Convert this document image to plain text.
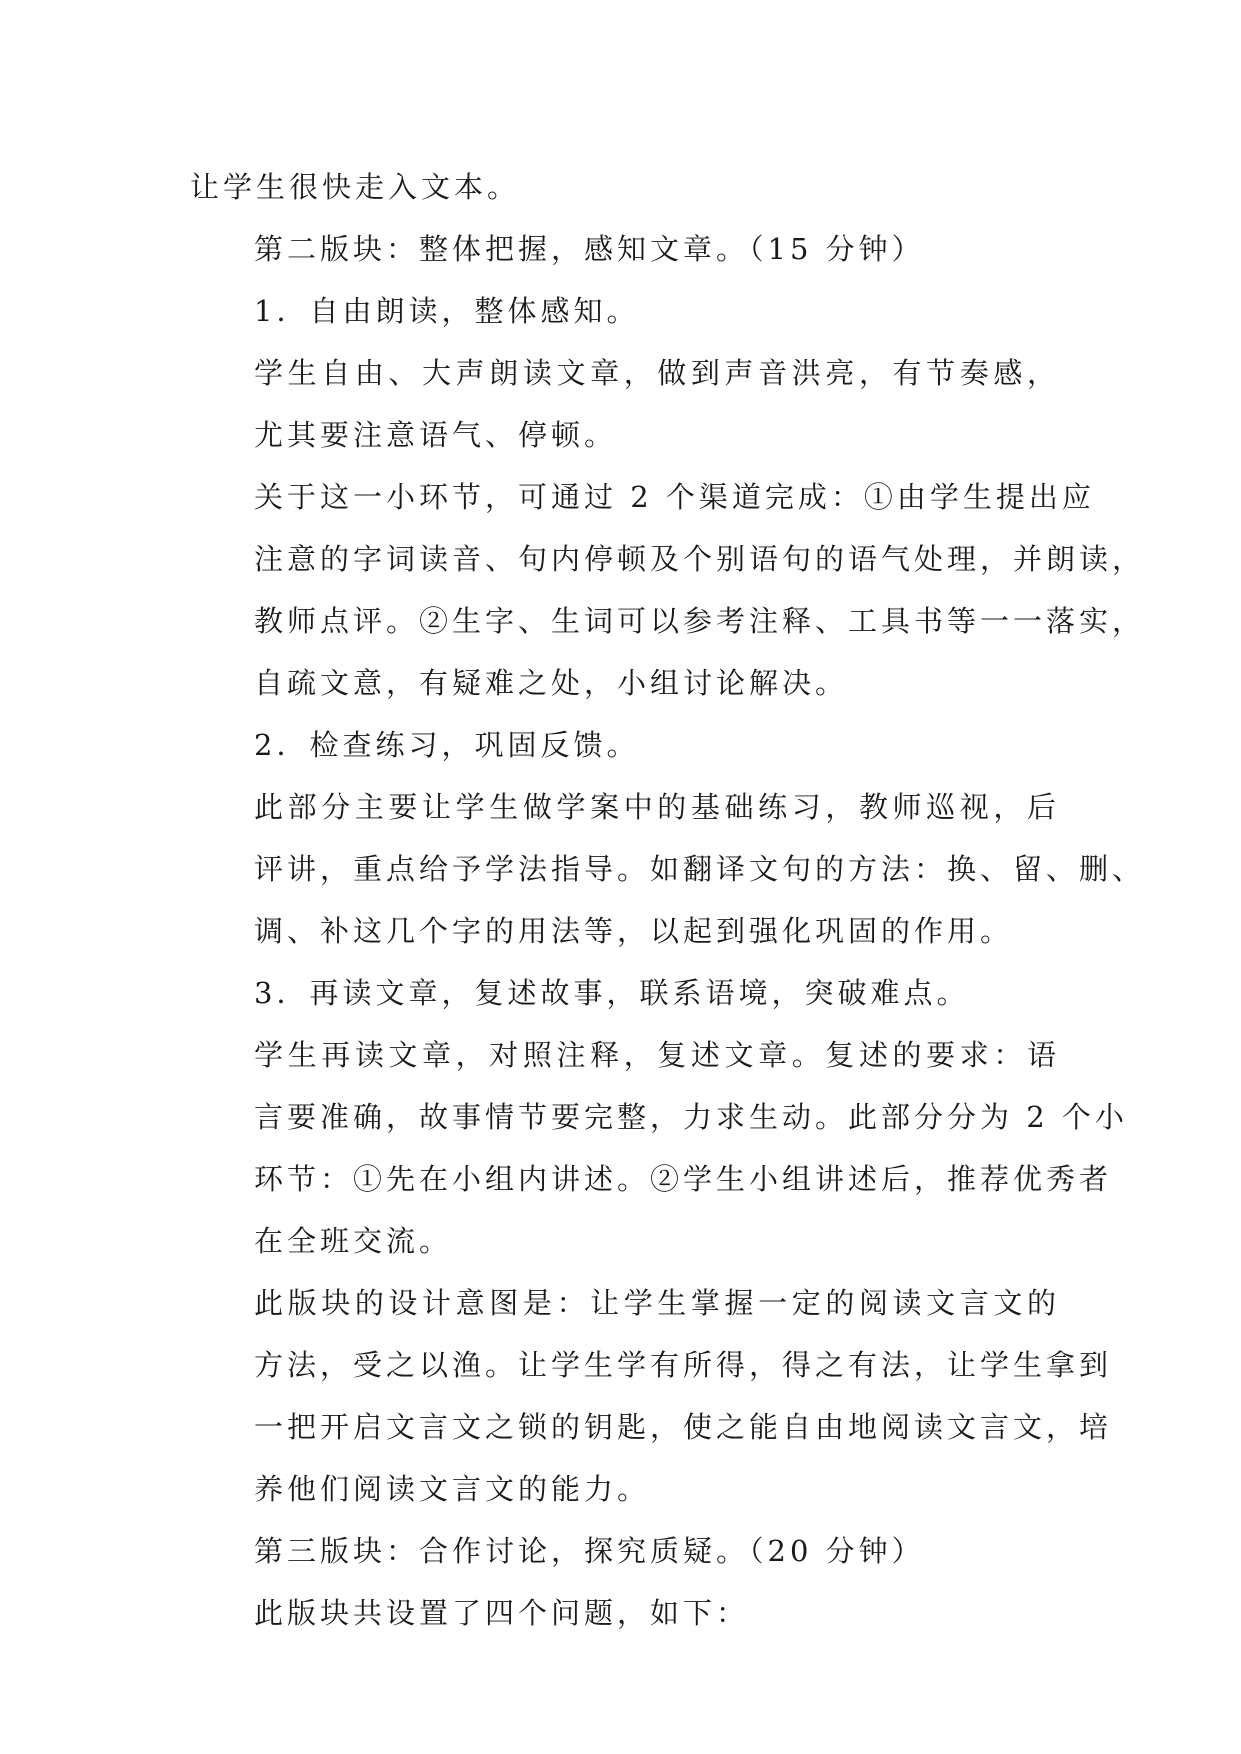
让学生很快走入文本。

第二版块：整体把握，感知文章。（15 分钟）

1．自由朗读，整体感知。

学生自由、大声朗读文章，做到声音洪亮，有节奏感，
尤其要注意语气、停顿。

关于这一小环节，可通过 2 个渠道完成：①由学生提出应
注意的字词读音、句内停顿及个别语句的语气处理，并朗读，
教师点评。②生字、生词可以参考注释、工具书等一一落实，
自疏文意，有疑难之处，小组讨论解决。

2．检查练习，巩固反馈。

此部分主要让学生做学案中的基础练习，教师巡视，后
评讲，重点给予学法指导。如翻译文句的方法：换、留、删、
调、补这几个字的用法等，以起到强化巩固的作用。

3．再读文章，复述故事，联系语境，突破难点。

学生再读文章，对照注释，复述文章。复述的要求：语
言要准确，故事情节要完整，力求生动。此部分分为 2 个小
环节：①先在小组内讲述。②学生小组讲述后，推荐优秀者
在全班交流。

此版块的设计意图是：让学生掌握一定的阅读文言文的
方法，受之以渔。让学生学有所得，得之有法，让学生拿到
一把开启文言文之锁的钥匙，使之能自由地阅读文言文，培
养他们阅读文言文的能力。

第三版块：合作讨论，探究质疑。（20 分钟）

此版块共设置了四个问题，如下：
